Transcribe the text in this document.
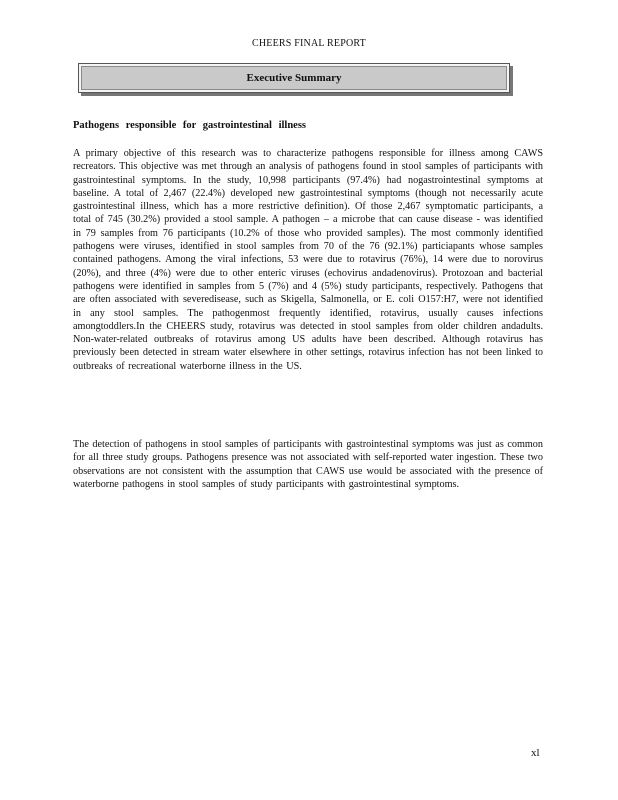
CHEERS FINAL REPORT
Executive Summary
Pathogens responsible for gastrointestinal illness

A primary objective of this research was to characterize pathogens responsible for illness among CAWS recreators. This objective was met through an analysis of pathogens found in stool samples of participants with gastrointestinal symptoms. In the study, 10,998 participants (97.4%) had nogastrointestinal symptoms at baseline. A total of 2,467 (22.4%) developed new gastrointestinal symptoms (though not necessarily acute gastrointestinal illness, which has a more restrictive definition). Of those 2,467 symptomatic participants, a total of 745 (30.2%) provided a stool sample. A pathogen – a microbe that can cause disease - was identified in 79 samples from 76 participants (10.2% of those who provided samples). The most commonly identified pathogens were viruses, identified in stool samples from 70 of the 76 (92.1%) particiapants whose samples contained pathogens. Among the viral infections, 53 were due to rotavirus (76%), 14 were due to norovirus (20%), and three (4%) were due to other enteric viruses (echovirus andadenovirus). Protozoan and bacterial pathogens were identified in samples from 5 (7%) and 4 (5%) study participants, respectively. Pathogens that are often associated with severedisease, such as Skigella, Salmonella, or E. coli O157:H7, were not identified in any stool samples. The pathogenmost frequently identified, rotavirus, usually causes infections amongtoddlers.In the CHEERS study, rotavirus was detected in stool samples from older children andadults. Non-water-related outbreaks of rotavirus among US adults have been described. Although rotavirus has previously been detected in stream water elsewhere in other settings, rotavirus infection has not been linked to outbreaks of recreational waterborne illness in the US.

The detection of pathogens in stool samples of participants with gastrointestinal symptoms was just as common for all three study groups. Pathogens presence was not associated with self-reported water ingestion. These two observations are not consistent with the assumption that CAWS use would be associated with the presence of waterborne pathogens in stool samples of study participants with gastrointestinal symptoms.

xl
